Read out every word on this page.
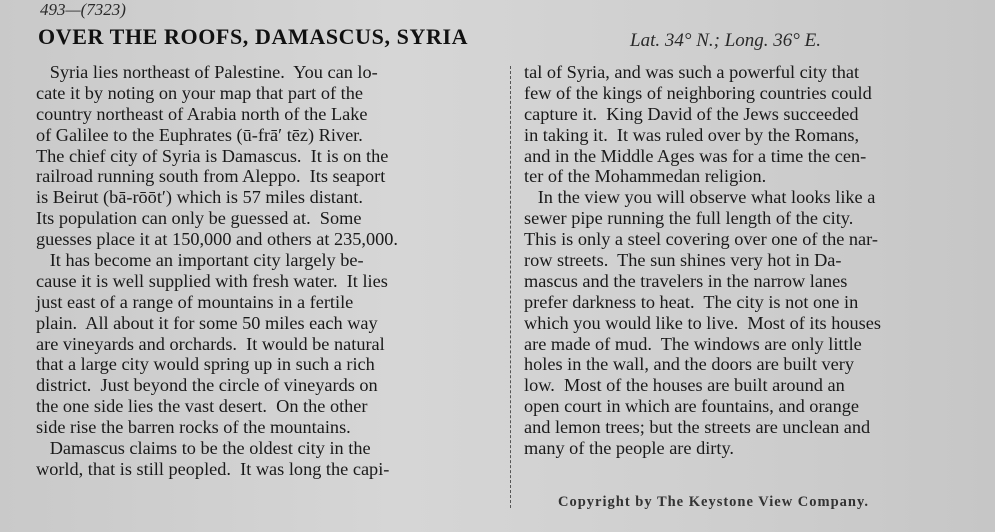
493—(7323)
OVER THE ROOFS, DAMASCUS, SYRIA	Lat. 34° N.; Long. 36° E.
Syria lies northeast of Palestine.  You can lo-
cate it by noting on your map that part of the
country northeast of Arabia north of the Lake
of Galilee to the Euphrates (ū-frā′ tēz) River.
The chief city of Syria is Damascus.  It is on the
railroad running south from Aleppo.  Its seaport
is Beirut (bā-rōōt′) which is 57 miles distant.
Its population can only be guessed at.  Some
guesses place it at 150,000 and others at 235,000.
It has become an important city largely be-
cause it is well supplied with fresh water.  It lies
just east of a range of mountains in a fertile
plain.  All about it for some 50 miles each way
are vineyards and orchards.  It would be natural
that a large city would spring up in such a rich
district.  Just beyond the circle of vineyards on
the one side lies the vast desert.  On the other
side rise the barren rocks of the mountains.
Damascus claims to be the oldest city in the
world, that is still peopled.  It was long the capi-
tal of Syria, and was such a powerful city that
few of the kings of neighboring countries could
capture it.  King David of the Jews succeeded
in taking it.  It was ruled over by the Romans,
and in the Middle Ages was for a time the cen-
ter of the Mohammedan religion.
In the view you will observe what looks like a
sewer pipe running the full length of the city.
This is only a steel covering over one of the nar-
row streets.  The sun shines very hot in Da-
mascus and the travelers in the narrow lanes
prefer darkness to heat.  The city is not one in
which you would like to live.  Most of its houses
are made of mud.  The windows are only little
holes in the wall, and the doors are built very
low.  Most of the houses are built around an
open court in which are fountains, and orange
and lemon trees; but the streets are unclean and
many of the people are dirty.
Copyright by The Keystone View Company.
